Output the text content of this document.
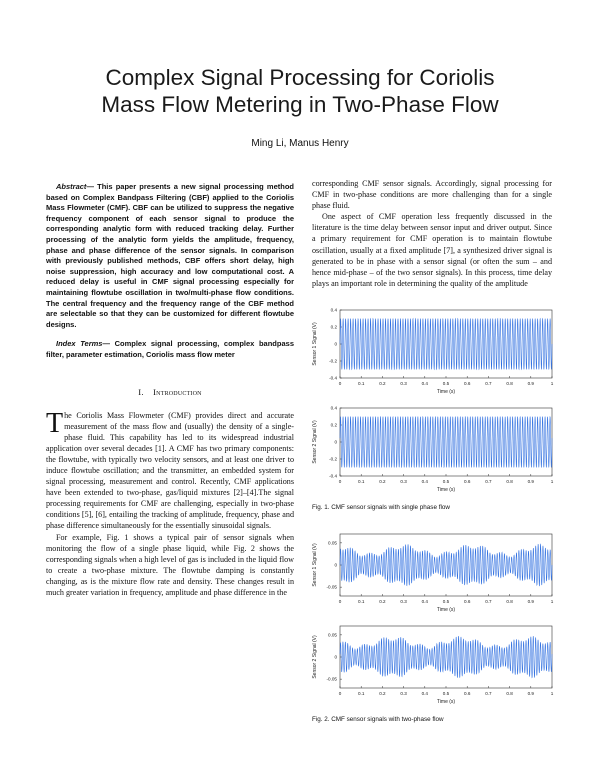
Complex Signal Processing for Coriolis
Mass Flow Metering in Two-Phase Flow
Ming Li, Manus Henry

Abstract— This paper presents a new signal processing method based on Complex Bandpass Filtering (CBF) applied to the Coriolis Mass Flowmeter (CMF). CBF can be utilized to suppress the negative frequency component of each sensor signal to produce the corresponding analytic form with reduced tracking delay. Further processing of the analytic form yields the amplitude, frequency, phase and phase difference of the sensor signals. In comparison with previously published methods, CBF offers short delay, high noise suppression, high accuracy and low computational cost. A reduced delay is useful in CMF signal processing especially for maintaining flowtube oscillation in two/multi-phase flow conditions. The central frequency and the frequency range of the CBF method are selectable so that they can be customized for different flowtube designs.

Index Terms— Complex signal processing, complex bandpass filter, parameter estimation, Coriolis mass flow meter

I. Introduction

The Coriolis Mass Flowmeter (CMF) provides direct and accurate measurement of the mass flow and (usually) the density of a single-phase fluid. This capability has led to its widespread industrial application over several decades [1]. A CMF has two primary components: the flowtube, with typically two velocity sensors, and at least one driver to induce flowtube oscillation; and the transmitter, an embedded system for signal processing, measurement and control. Recently, CMF applications have been extended to two-phase, gas/liquid mixtures [2]–[4].The signal processing requirements for CMF are challenging, especially in two-phase conditions [5], [6], entailing the tracking of amplitude, frequency, phase and phase difference simultaneously for the essentially sinusoidal signals.

For example, Fig. 1 shows a typical pair of sensor signals when monitoring the flow of a single phase liquid, while Fig. 2 shows the corresponding signals when a high level of gas is included in the liquid flow to create a two-phase mixture. The flowtube damping is constantly changing, as is the mixture flow rate and density. These changes result in much greater variation in frequency, amplitude and phase difference in the

corresponding CMF sensor signals. Accordingly, signal processing for CMF in two-phase conditions are more challenging than for a single phase fluid.

One aspect of CMF operation less frequently discussed in the literature is the time delay between sensor input and driver output. Since a primary requirement for CMF operation is to maintain flowtube oscillation, usually at a fixed amplitude [7], a synthesized driver signal is generated to be in phase with a sensor signal (or often the sum – and hence mid-phase – of the two sensor signals). In this process, time delay plays an important role in determining the quality of the amplitude

0	0.1	0.2	0.3	0.4	0.5	0.6	0.7	0.8	0.9	1
0.4
0.2
0
-0.2
-0.4
Time (s)
Sensor 1 Signal (V)
0	0.1	0.2	0.3	0.4	0.5	0.6	0.7	0.8	0.9	1
0.4
0.2
0
-0.2
-0.4
Time (s)
Sensor 2 Signal (V)
Fig. 1. CMF sensor signals with single phase flow
0	0.1	0.2	0.3	0.4	0.5	0.6	0.7	0.8	0.9	1
0.05
0
-0.05
Time (s)
Sensor 1 Signal (V)
0	0.1	0.2	0.3	0.4	0.5	0.6	0.7	0.8	0.9	1
0.05
0
-0.05
Time (s)
Sensor 2 Signal (V)
Fig. 2. CMF sensor signals with two-phase flow
